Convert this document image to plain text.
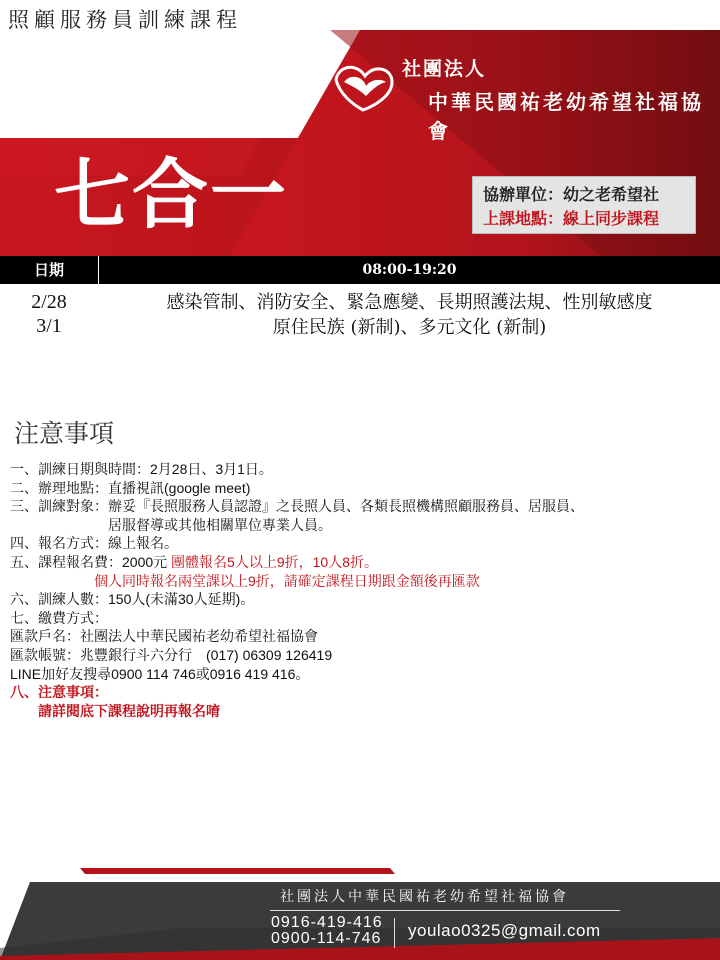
照顧服務員訓練課程
社團法人
中華民國祐老幼希望社福協會
七合一	協辦單位：幼之老希望社
上課地點：線上同步課程
日期	08:00-19:20
2/28
3/1
感染管制、消防安全、緊急應變、長期照護法規、性別敏感度
原住民族 (新制)、多元文化 (新制)
注意事項
一、訓練日期與時間：2月28日、3月1日。
二、辦理地點：直播視訊(google meet)
三、訓練對象：辦妥『長照服務人員認證』之長照人員、各類長照機構照顧服務員、居服員、
　　　　　　　居服督導或其他相關單位專業人員。
四、報名方式：線上報名。
五、課程報名費：2000元 團體報名5人以上9折，10人8折。
　　　　　　個人同時報名兩堂課以上9折，請確定課程日期跟金額後再匯款
六、訓練人數：150人(未滿30人延期)。
七、繳費方式：
匯款戶名：社團法人中華民國祐老幼希望社福協會
匯款帳號：兆豐銀行斗六分行　(017) 06309 126419
LINE加好友搜尋0900 114 746或0916 419 416。
八、注意事項：
　　請詳閱底下課程說明再報名唷
社團法人中華民國祐老幼希望社福協會
0916-419-416
0900-114-746 youlao0325@gmail.com
